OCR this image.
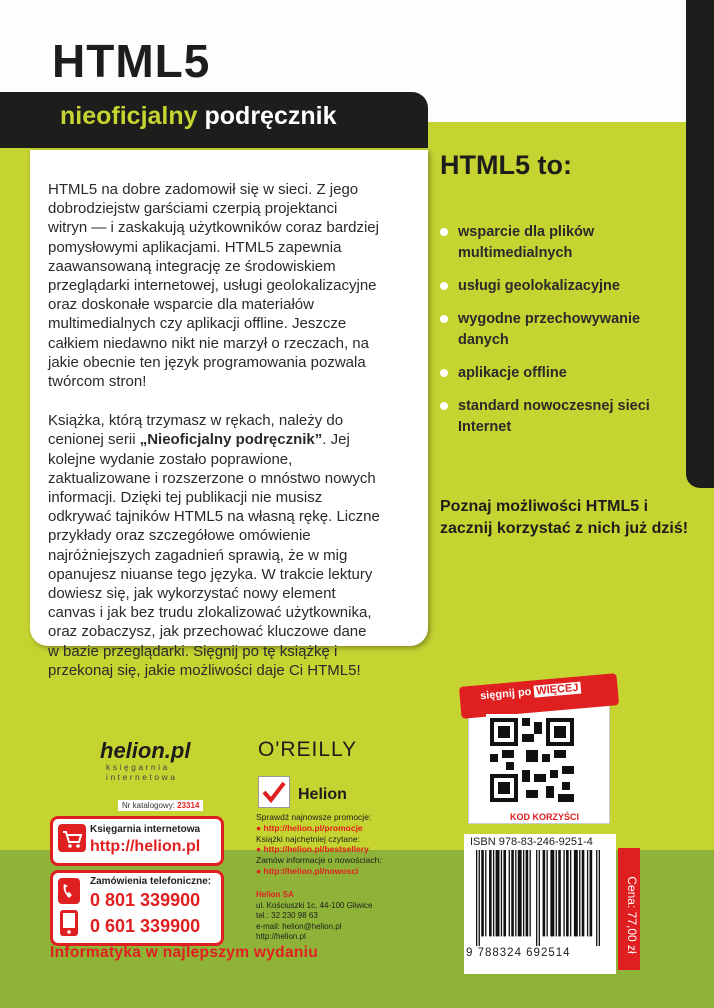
HTML5
nieoficjalny podręcznik

HTML5 na dobre zadomowił się w sieci. Z jego dobrodziejstw garściami czerpią projektanci witryn — i zaskakują użytkowników coraz bardziej pomysłowymi aplikacjami. HTML5 zapewnia zaawansowaną integrację ze środowiskiem przeglądarki internetowej, usługi geolokalizacyjne oraz doskonałe wsparcie dla materiałów multimedialnych czy aplikacji offline. Jeszcze całkiem niedawno nikt nie marzył o rzeczach, na jakie obecnie ten język programowania pozwala twórcom stron!

Książka, którą trzymasz w rękach, należy do cenionej serii „Nieoficjalny podręcznik”. Jej kolejne wydanie zostało poprawione, zaktualizowane i rozszerzone o mnóstwo nowych informacji. Dzięki tej publikacji nie musisz odkrywać tajników HTML5 na własną rękę. Liczne przykłady oraz szczegółowe omówienie najróżniejszych zagadnień sprawią, że w mig opanujesz niuanse tego języka. W trakcie lektury dowiesz się, jak wykorzystać nowy element canvas i jak bez trudu zlokalizować użytkownika, oraz zobaczysz, jak przechować kluczowe dane w bazie przeglądarki. Sięgnij po tę książkę i przekonaj się, jakie możliwości daje Ci HTML5!

HTML5 to:
wsparcie dla plików multimedialnych
usługi geolokalizacyjne
wygodne przechowywanie danych
aplikacje offline
standard nowoczesnej sieci Internet
Poznaj możliwości HTML5 i zacznij korzystać z nich już dziś!
sięgnij po WIĘCEJ
KOD KORZYŚCI
ISBN 978-83-246-9251-4
9 788324 692514	Cena: 77,00 zł
helion.pl
księgarnia internetowa
O'REILLY
Helion
Nr katalogowy: 23314
Księgarnia internetowa
http://helion.pl
Zamówienia telefoniczne:
0 801 339900
0 601 339900
Sprawdź najnowsze promocje:
● http://helion.pl/promocje
Książki najchętniej czytane:
● http://helion.pl/bestsellery
Zamów informacje o nowościach:
● http://helion.pl/nowosci
Helion SA
ul. Kościuszki 1c, 44-100 Gliwice
tel.: 32 230 98 63
e-mail: helion@helion.pl
http://helion.pl
Informatyka w najlepszym wydaniu
